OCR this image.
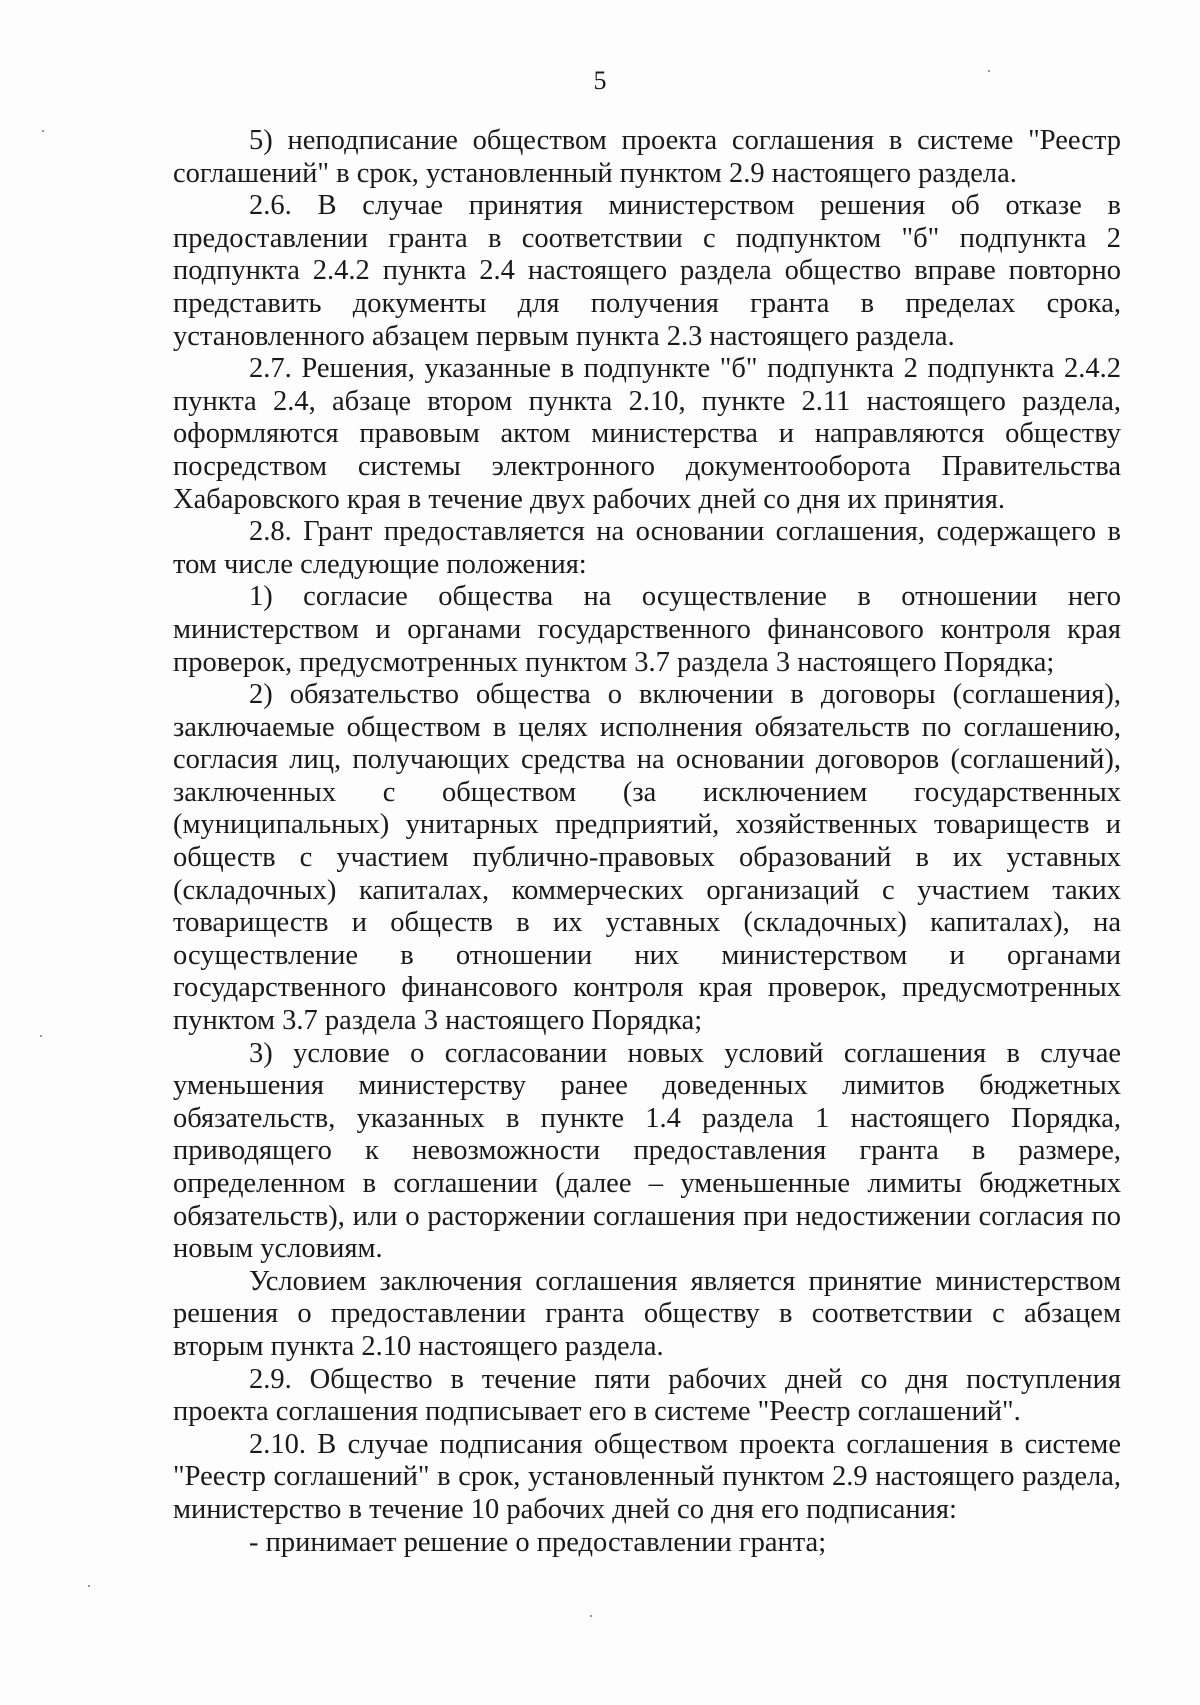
5

5) неподписание обществом проекта соглашения в системе "Реестр соглашений" в срок, установленный пунктом 2.9 настоящего раздела.

2.6. В случае принятия министерством решения об отказе в предоставлении гранта в соответствии с подпунктом "б" подпункта 2 подпункта 2.4.2 пункта 2.4 настоящего раздела общество вправе повторно представить документы для получения гранта в пределах срока, установленного абзацем первым пункта 2.3 настоящего раздела.

2.7. Решения, указанные в подпункте "б" подпункта 2 подпункта 2.4.2 пункта 2.4, абзаце втором пункта 2.10, пункте 2.11 настоящего раздела, оформляются правовым актом министерства и направляются обществу посредством системы электронного документооборота Правительства Хабаровского края в течение двух рабочих дней со дня их принятия.

2.8. Грант предоставляется на основании соглашения, содержащего в том числе следующие положения:

1) согласие общества на осуществление в отношении него министерством и органами государственного финансового контроля края проверок, предусмотренных пунктом 3.7 раздела 3 настоящего Порядка;

2) обязательство общества о включении в договоры (соглашения), заключаемые обществом в целях исполнения обязательств по соглашению, согласия лиц, получающих средства на основании договоров (соглашений), заключенных с обществом (за исключением государственных (муниципальных) унитарных предприятий, хозяйственных товариществ и обществ с участием публично-правовых образований в их уставных (складочных) капиталах, коммерческих организаций с участием таких товариществ и обществ в их уставных (складочных) капиталах), на осуществление в отношении них министерством и органами государственного финансового контроля края проверок, предусмотренных пунктом 3.7 раздела 3 настоящего Порядка;

3) условие о согласовании новых условий соглашения в случае уменьшения министерству ранее доведенных лимитов бюджетных обязательств, указанных в пункте 1.4 раздела 1 настоящего Порядка, приводящего к невозможности предоставления гранта в размере, определенном в соглашении (далее – уменьшенные лимиты бюджетных обязательств), или о расторжении соглашения при недостижении согласия по новым условиям.

Условием заключения соглашения является принятие министерством решения о предоставлении гранта обществу в соответствии с абзацем вторым пункта 2.10 настоящего раздела.

2.9. Общество в течение пяти рабочих дней со дня поступления проекта соглашения подписывает его в системе "Реестр соглашений".

2.10. В случае подписания обществом проекта соглашения в системе "Реестр соглашений" в срок, установленный пунктом 2.9 настоящего раздела, министерство в течение 10 рабочих дней со дня его подписания:

- принимает решение о предоставлении гранта;
